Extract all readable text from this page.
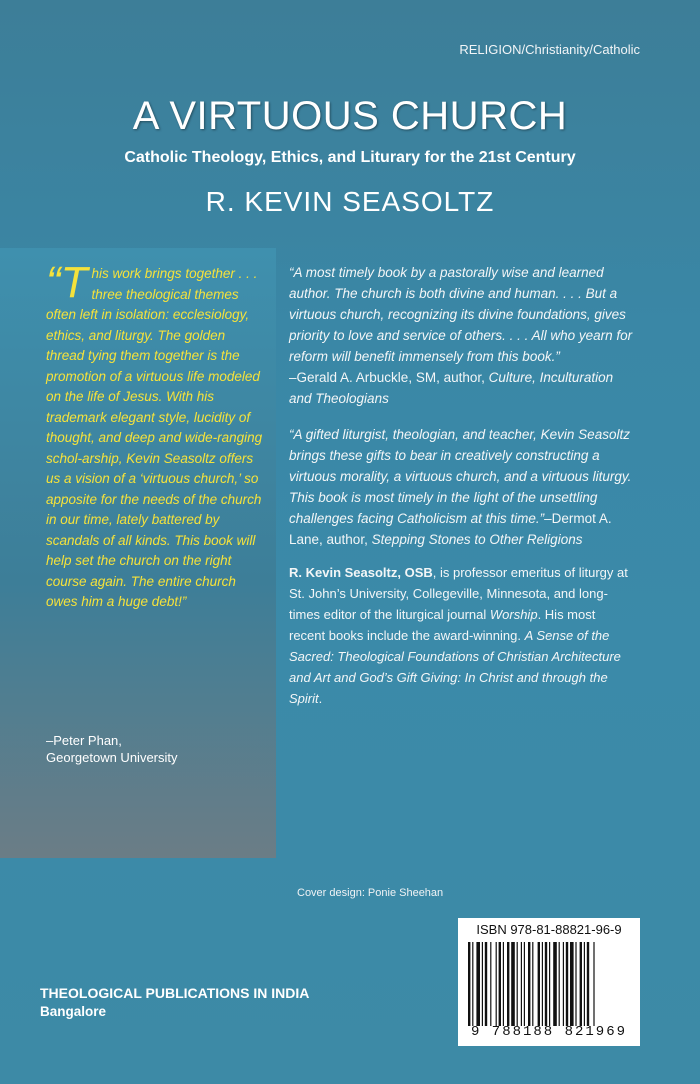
RELIGION/Christianity/Catholic
A VIRTUOUS CHURCH
Catholic Theology, Ethics, and Liturary for the 21st Century
R. KEVIN SEASOLTZ
“This work brings together . . . three theological themes often left in isolation: ecclesiology, ethics, and liturgy. The golden thread tying them together is the promotion of a virtuous life modeled on the life of Jesus. With his trademark elegant style, lucidity of thought, and deep and wide-ranging schol-arship, Kevin Seasoltz offers us a vision of a ‘virtuous church,’ so apposite for the needs of the church in our time, lately battered by scandals of all kinds. This book will help set the church on the right course again. The entire church owes him a huge debt!”
–Peter Phan,
Georgetown University

“A most timely book by a pastorally wise and learned author. The church is both divine and human. . . . But a virtuous church, recognizing its divine foundations, gives priority to love and service of others. . . . All who yearn for reform will benefit immensely from this book.”
–Gerald A. Arbuckle, SM, author, Culture, Inculturation and Theologians

“A gifted liturgist, theologian, and teacher, Kevin Seasoltz brings these gifts to bear in creatively constructing a virtuous morality, a virtuous church, and a virtuous liturgy. This book is most timely in the light of the unsettling challenges facing Catholicism at this time.”–Dermot A. Lane, author, Stepping Stones to Other Religions

R. Kevin Seasoltz, OSB, is professor emeritus of liturgy at St. John’s University, Collegeville, Minnesota, and long-times editor of the liturgical journal Worship. His most recent books include the award-winning. A Sense of the Sacred: Theological Foundations of Christian Architecture and Art and God’s Gift Giving: In Christ and through the Spirit.

Cover design: Ponie Sheehan
ISBN 978-81-88821-96-9
9 788188 821969
THEOLOGICAL PUBLICATIONS IN INDIA
Bangalore
